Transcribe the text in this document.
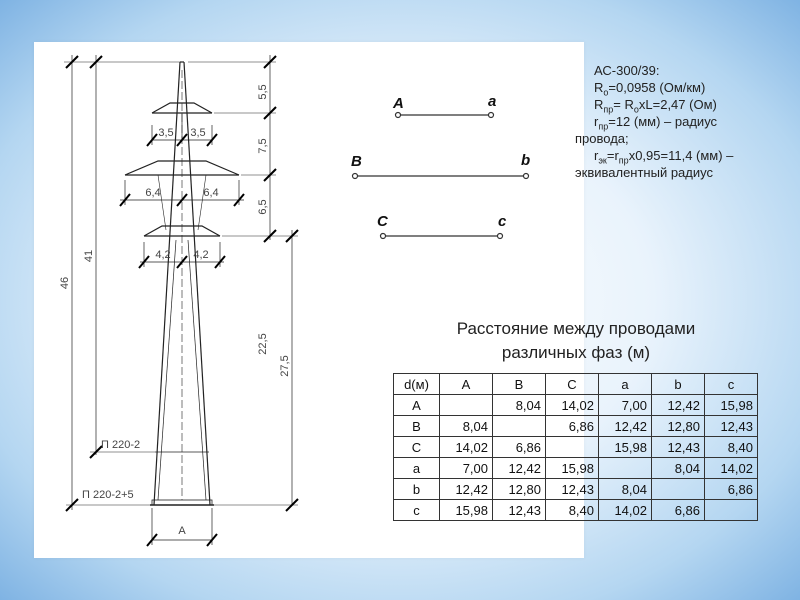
5,5
7,5
6,5
22,5
27,5
46
41
3,5 3,5
6,4	6,4
4,2 4,2
П 220-2
П 220-2+5
A
A	a
B	b
C	c
АС-300/39:
$R_о=0,0958$ (Ом/км)
$R_{пр}= R_оxL=2,47$ (Ом)
$r_{пр}=12$ (мм) – радиус
провода;
$r_{эк}=r_{пр}x0,95=11,4$ (мм) –
эквивалентный радиус
Расстояние между проводами
различных фаз (м)
d(м)	A	B	C	a	b	c
A		8,04	14,02	7,00	12,42	15,98
B	8,04		6,86	12,42	12,80	12,43
C	14,02	6,86		15,98	12,43	8,40
a	7,00	12,42	15,98		8,04	14,02
b	12,42	12,80	12,43	8,04		6,86
c	15,98	12,43	8,40	14,02	6,86	
